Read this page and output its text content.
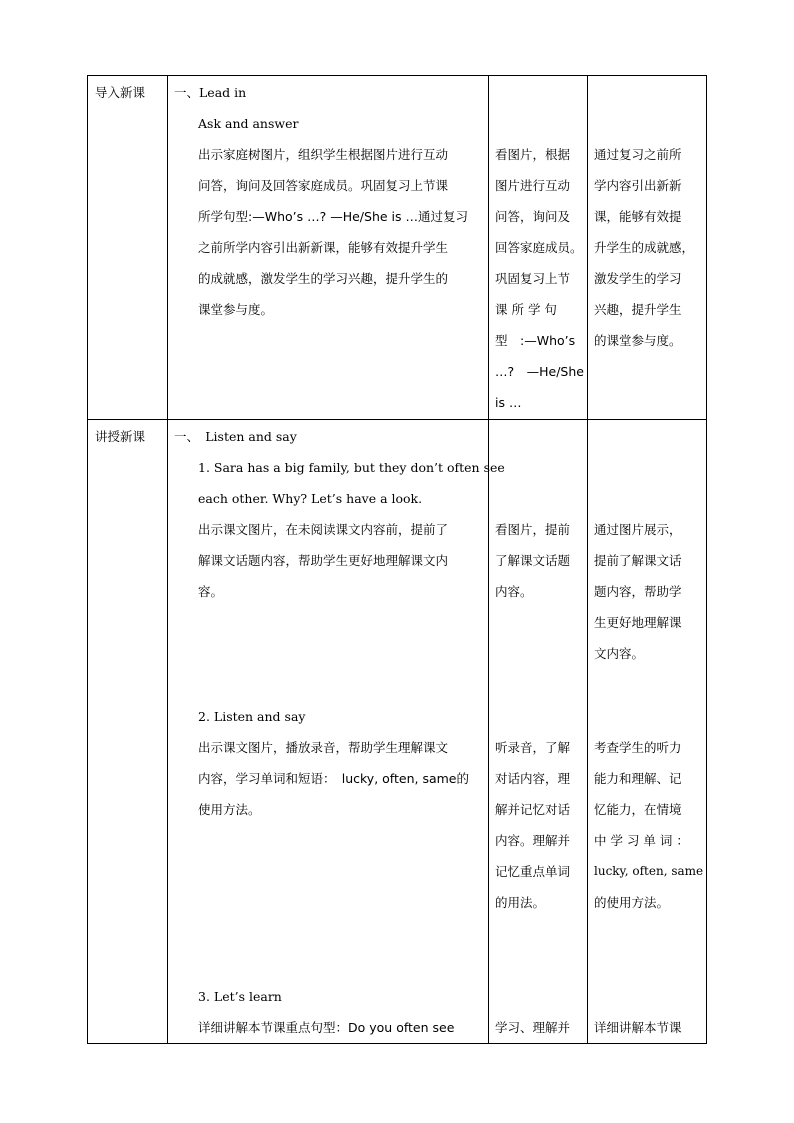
导入新课 一、Lead in
Ask and answer
出示家庭树图片，组织学生根据图片进行互动
问答，询问及回答家庭成员。巩固复习上节课
所学句型:—Who’s …? —He/She is …通过复习
之前所学内容引出新新课，能够有效提升学生
的成就感，激发学生的学习兴趣，提升学生的
课堂参与度。
看图片，根据
图片进行互动
问答，询问及
回答家庭成员。
巩固复习上节
课 所 学 句
型　:—Who’s
…?　—He/She
is …
通过复习之前所
学内容引出新新
课，能够有效提
升学生的成就感，
激发学生的学习
兴趣，提升学生
的课堂参与度。
讲授新课 一、　Listen and say
1. Sara has a big family, but they don’t often see
each other. Why? Let’s have a look.
出示课文图片，在未阅读课文内容前，提前了
解课文话题内容，帮助学生更好地理解课文内
容。
看图片，提前
了解课文话题
内容。
通过图片展示，
提前了解课文话
题内容，帮助学
生更好地理解课
文内容。
2. Listen and say
出示课文图片，播放录音，帮助学生理解课文
内容，学习单词和短语：　lucky, often, same的
使用方法。
听录音，了解
对话内容，理
解并记忆对话
内容。理解并
记忆重点单词
的用法。
考查学生的听力
能力和理解、记
忆能力，在情境
中 学 习 单 词 ：
lucky, often, same
的使用方法。
3. Let’s learn
详细讲解本节课重点句型：Do you often see	学习、理解并 详细讲解本节课
